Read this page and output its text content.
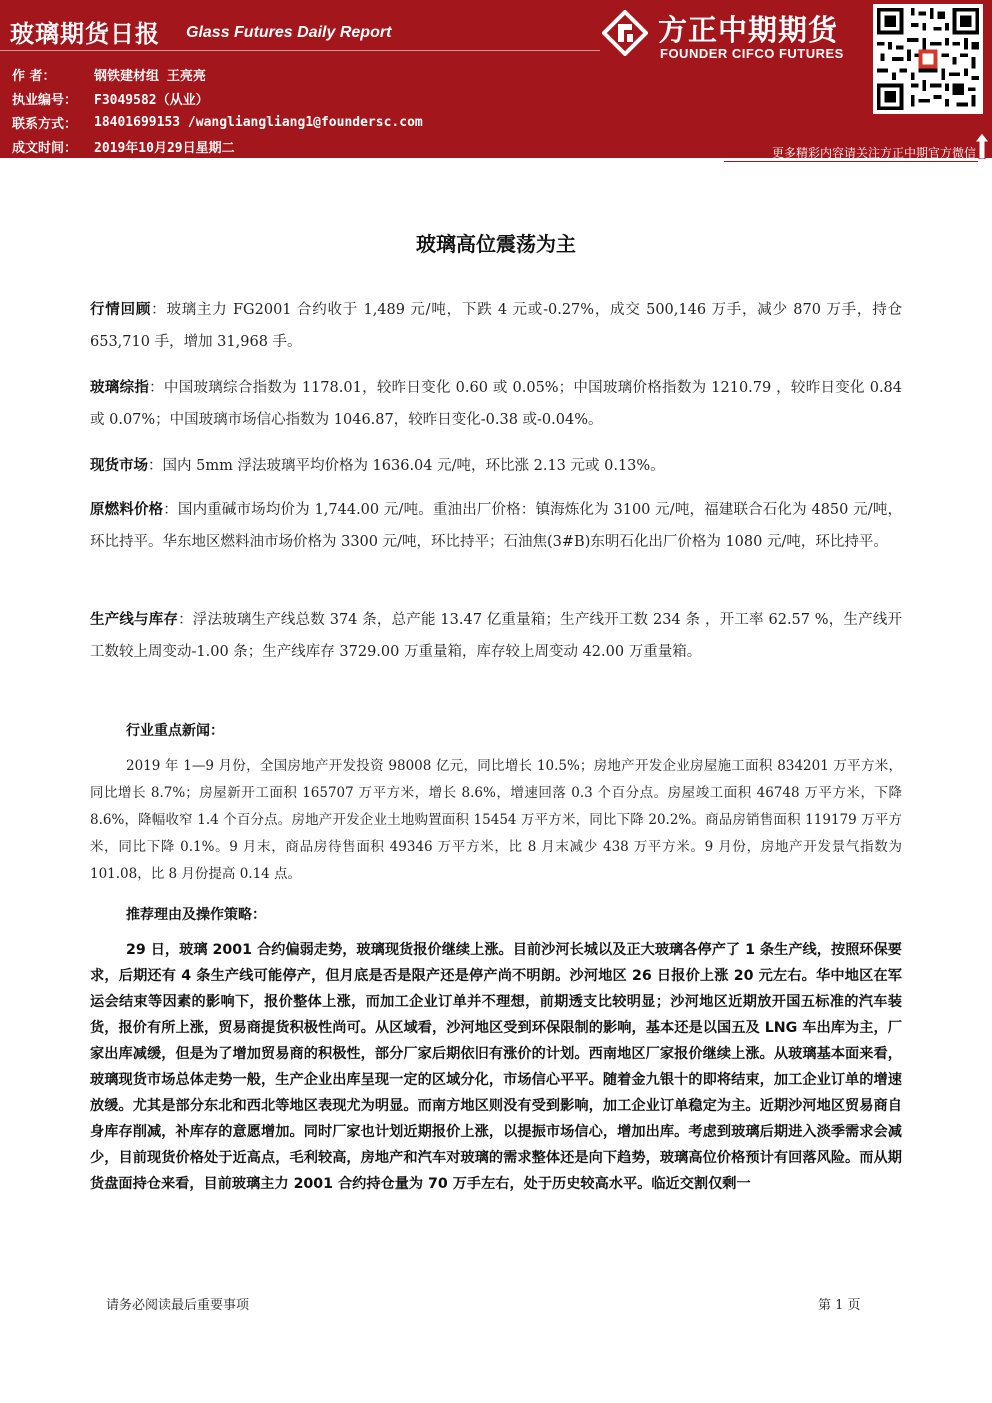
玻璃期货日报 Glass Futures Daily Report
作 者：	钢铁建材组 王亮亮
执业编号：	F3049582（从业）
联系方式：	18401699153 /wangliangliang1@foundersc.com
成文时间：	2019年10月29日星期二
方正中期期货
FOUNDER CIFCO FUTURES
更多精彩内容请关注方正中期官方微信
玻璃高位震荡为主

行情回顾：玻璃主力 FG2001 合约收于 1,489 元/吨，下跌 4 元或-0.27%，成交 500,146 万手，减少 870 万手，持仓 653,710 手，增加 31,968 手。

玻璃综指：中国玻璃综合指数为 1178.01，较昨日变化 0.60 或 0.05%；中国玻璃价格指数为 1210.79 ，较昨日变化 0.84 或 0.07%；中国玻璃市场信心指数为 1046.87，较昨日变化-0.38 或-0.04%。

现货市场：国内 5mm 浮法玻璃平均价格为 1636.04 元/吨，环比涨 2.13 元或 0.13%。

原燃料价格：国内重碱市场均价为 1,744.00 元/吨。重油出厂价格：镇海炼化为 3100 元/吨，福建联合石化为 4850 元/吨，环比持平。华东地区燃料油市场价格为 3300 元/吨，环比持平；石油焦(3#B)东明石化出厂价格为 1080 元/吨，环比持平。

生产线与库存：浮法玻璃生产线总数 374 条，总产能 13.47 亿重量箱；生产线开工数 234 条 ，开工率 62.57 %，生产线开工数较上周变动-1.00 条；生产线库存 3729.00 万重量箱，库存较上周变动 42.00 万重量箱。

行业重点新闻：

2019 年 1—9 月份，全国房地产开发投资 98008 亿元，同比增长 10.5%；房地产开发企业房屋施工面积 834201 万平方米，同比增长 8.7%；房屋新开工面积 165707 万平方米，增长 8.6%，增速回落 0.3 个百分点。房屋竣工面积 46748 万平方米，下降 8.6%，降幅收窄 1.4 个百分点。房地产开发企业土地购置面积 15454 万平方米，同比下降 20.2%。商品房销售面积 119179 万平方米，同比下降 0.1%。9 月末，商品房待售面积 49346 万平方米，比 8 月末减少 438 万平方米。9 月份，房地产开发景气指数为 101.08，比 8 月份提高 0.14 点。

推荐理由及操作策略：

29 日，玻璃 2001 合约偏弱走势，玻璃现货报价继续上涨。目前沙河长城以及正大玻璃各停产了 1 条生产线，按照环保要求，后期还有 4 条生产线可能停产，但月底是否是限产还是停产尚不明朗。沙河地区 26 日报价上涨 20 元左右。华中地区在军运会结束等因素的影响下，报价整体上涨，而加工企业订单并不理想，前期透支比较明显；沙河地区近期放开国五标准的汽车装货，报价有所上涨，贸易商提货积极性尚可。从区域看，沙河地区受到环保限制的影响，基本还是以国五及 LNG 车出库为主，厂家出库减缓，但是为了增加贸易商的积极性，部分厂家后期依旧有涨价的计划。西南地区厂家报价继续上涨。从玻璃基本面来看，玻璃现货市场总体走势一般，生产企业出库呈现一定的区域分化，市场信心平平。随着金九银十的即将结束，加工企业订单的增速放缓。尤其是部分东北和西北等地区表现尤为明显。而南方地区则没有受到影响，加工企业订单稳定为主。近期沙河地区贸易商自身库存削减，补库存的意愿增加。同时厂家也计划近期报价上涨，以提振市场信心，增加出库。考虑到玻璃后期进入淡季需求会减少，目前现货价格处于近高点，毛利较高，房地产和汽车对玻璃的需求整体还是向下趋势，玻璃高位价格预计有回落风险。而从期货盘面持仓来看，目前玻璃主力 2001 合约持仓量为 70 万手左右，处于历史较高水平。临近交割仅剩一

请务必阅读最后重要事项	第 1 页
